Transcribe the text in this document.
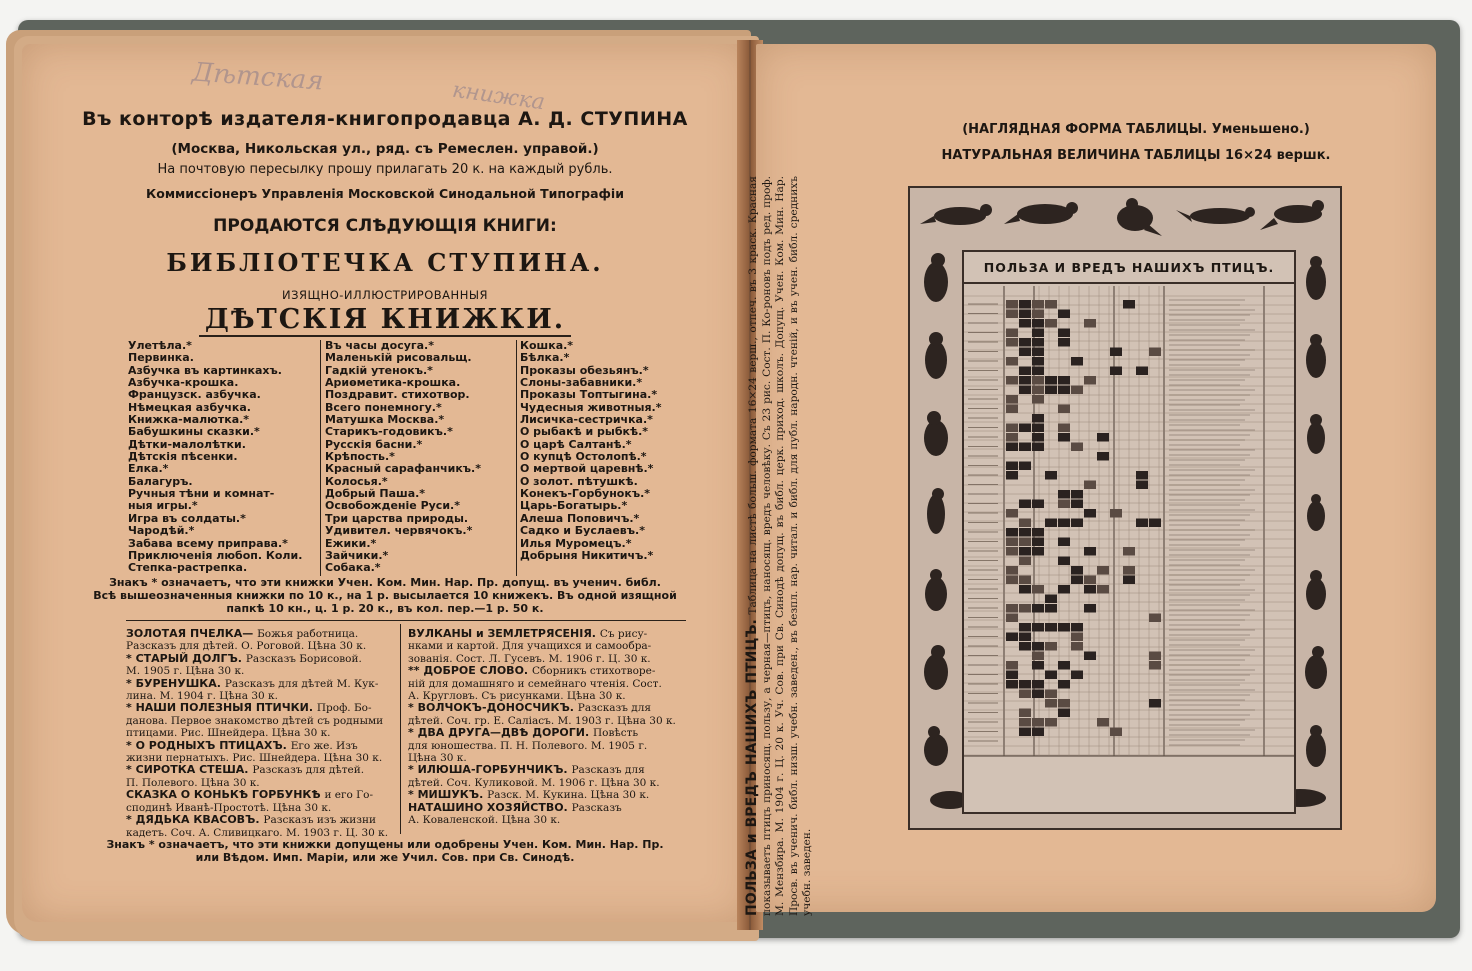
Дѣтская	книжка
Въ конторѣ издателя-книгопродавца А. Д. СТУПИНА
(Москва, Никольская ул., ряд. съ Ремеслен. управой.)
На почтовую пересылку прошу прилагать 20 к. на каждый рубль.
Коммиссіонеръ Управленія Московской Синодальной Типографіи
ПРОДАЮТСЯ СЛѢДУЮЩІЯ КНИГИ:
БИБЛІОТЕЧКА СТУПИНА.
ИЗЯЩНО-ИЛЛЮСТРИРОВАННЫЯ
ДѢТСКІЯ КНИЖКИ.
Улетѣла.*
Первинка.
Азбучка въ картинкахъ.
Азбучка-крошка.
Французск. азбучка.
Нѣмецкая азбучка.
Книжка-малютка.*
Бабушкины сказки.*
Дѣтки-малолѣтки.
Дѣтскія пѣсенки.
Елка.*
Балагуръ.
Ручныя тѣни и комнат-
ныя игры.*
Игра въ солдаты.*
Чародѣй.*
Забава всему приправа.*
Приключенія любоп. Коли.
Степка-растрепка.
Въ часы досуга.*
Маленькій рисовальщ.
Гадкій утенокъ.*
Ариѳметика-крошка.
Поздравит. стихотвор.
Всего понемногу.*
Матушка Москва.*
Старикъ-годовикъ.*
Русскія басни.*
Крѣпость.*
Красный сарафанчикъ.*
Колосья.*
Добрый Паша.*
Освобожденіе Руси.*
Три царства природы.
Удивител. червячокъ.*
Ежики.*
Зайчики.*
Собака.*
Кошка.*
Бѣлка.*
Проказы обезьянъ.*
Слоны-забавники.*
Проказы Топтыгина.*
Чудесныя животныя.*
Лисичка-сестричка.*
О рыбакѣ и рыбкѣ.*
О царѣ Салтанѣ.*
О купцѣ Остолопѣ.*
О мертвой царевнѣ.*
О золот. пѣтушкѣ.
Конекъ-Горбунокъ.*
Царь-Богатырь.*
Алеша Поповичъ.*
Садко и Буслаевъ.*
Илья Муромецъ.*
Добрыня Никитичъ.*
Знакъ * означаетъ, что эти книжки Учен. Ком. Мин. Нар. Пр. допущ. въ ученич. библ.
Всѣ вышеозначенныя книжки по 10 к., на 1 р. высылается 10 книжекъ. Въ одной изящной
папкѣ 10 кн., ц. 1 р. 20 к., въ кол. пер.—1 р. 50 к.
ЗОЛОТАЯ ПЧЕЛКА— Божья работница.
Разсказъ для дѣтей. О. Роговой. Цѣна 30 к.
* СТАРЫЙ ДОЛГЪ. Разсказъ Борисовой.
М. 1905 г. Цѣна 30 к.
* БУРЕНУШКА. Разсказъ для дѣтей М. Кук-
лина. М. 1904 г. Цѣна 30 к.
* НАШИ ПОЛЕЗНЫЯ ПТИЧКИ. Проф. Бо-
данова. Первое знакомство дѣтей съ родными
птицами. Рис. Шнейдера. Цѣна 30 к.
* О РОДНЫХЪ ПТИЦАХЪ. Его же. Изъ
жизни пернатыхъ. Рис. Шнейдера. Цѣна 30 к.
* СИРОТКА СТЕША. Разсказъ для дѣтей.
П. Полевого. Цѣна 30 к.
СКАЗКА О КОНЬКѢ ГОРБУНКѢ и его Го-
сподинѣ Иванѣ-Простотѣ. Цѣна 30 к.
* ДЯДЬКА КВАСОВЪ. Разсказъ изъ жизни
кадетъ. Соч. А. Сливицкаго. М. 1903 г. Ц. 30 к.
ВУЛКАНЫ и ЗЕМЛЕТРЯСЕНІЯ. Съ рису-
нками и картой. Для учащихся и самообра-
зованія. Сост. Л. Гусевъ. М. 1906 г. Ц. 30 к.
** ДОБРОЕ СЛОВО. Сборникъ стихотворе-
ній для домашняго и семейнаго чтенія. Сост.
А. Кругловъ. Съ рисунками. Цѣна 30 к.
* ВОЛЧОКЪ-ДОНОСЧИКЪ. Разсказъ для
дѣтей. Соч. гр. Е. Саліасъ. М. 1903 г. Цѣна 30 к.
* ДВА ДРУГА—ДВѢ ДОРОГИ. Повѣсть
для юношества. П. Н. Полевого. М. 1905 г.
Цѣна 30 к.
* ИЛЮША-ГОРБУНЧИКЪ. Разсказъ для
дѣтей. Соч. Куликовой. М. 1906 г. Цѣна 30 к.
* МИШУКЪ. Разск. М. Кукина. Цѣна 30 к.
НАТАШИНО ХОЗЯЙСТВО. Разсказъ
А. Коваленской. Цѣна 30 к.
Знакъ * означаетъ, что эти книжки допущены или одобрены Учен. Ком. Мин. Нар. Пр.
или Вѣдом. Имп. Маріи, или же Учил. Сов. при Св. Синодѣ.
(НАГЛЯДНАЯ ФОРМА ТАБЛИЦЫ. Уменьшено.)
НАТУРАЛЬНАЯ ВЕЛИЧИНА ТАБЛИЦЫ 16×24 вершк.
ПОЛЬЗА и ВРЕДЪ НАШИХЪ ПТИЦЪ. Таблица на листѣ больш. формата 16×24 верш., отпеч. въ 3 краск. Красная показываетъ птицъ приносящ. пользу, а черная—птицъ, наносящ. вредъ человѣку. Съ 23 рис. Сост. П. Ко-роновъ подъ ред. проф. М. Мензбира. М. 1904 г. Ц. 20 к. Уч. Сов. при Св. Синодѣ допущ. въ библ. церк. приход. школъ. Допущ. Учен. Ком. Мин. Нар. Просв. въ ученич. библ. низш. учебн. заведен., въ безпл. нар. читал. и библ. для публ. народн. чтеній, и въ учен. библ. среднихъ учебн. заведен.
ПОЛЬЗА И ВРЕДЪ НАШИХЪ ПТИЦЪ.
